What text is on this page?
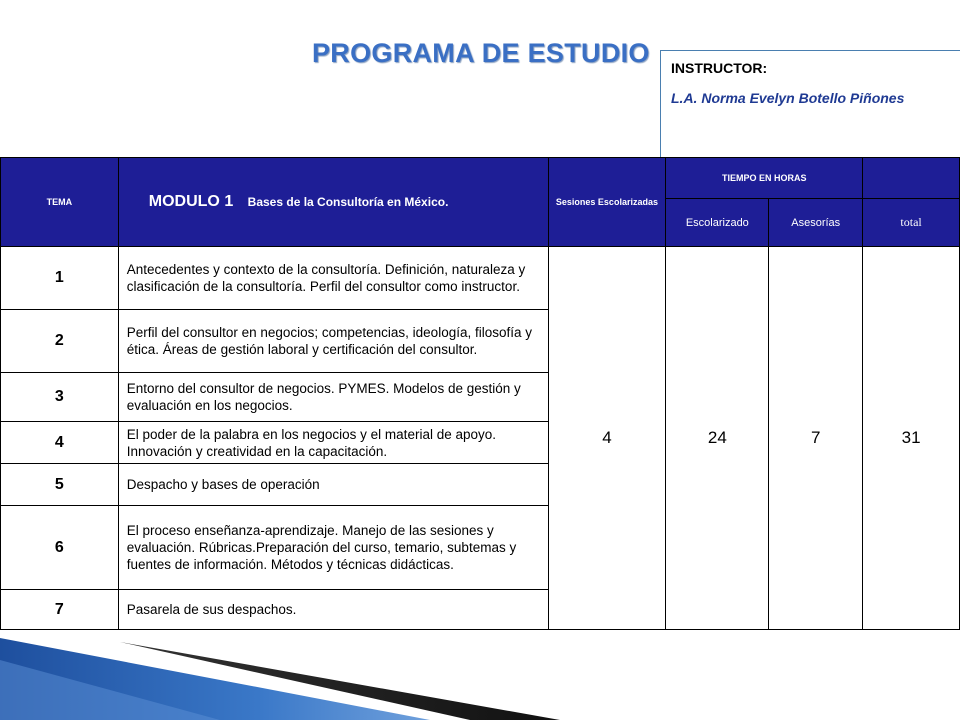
PROGRAMA DE ESTUDIO INSTRUCTOR:
L.A. Norma Evelyn Botello Piñones
TEMA	MODULO 1 Bases de la Consultoría en México.	Sesiones Escolarizadas	TIEMPO EN HORAS		
			Escolarizado	Asesorías	total
1	Antecedentes y contexto de la consultoría. Definición, naturaleza y clasificación de la consultoría. Perfil del consultor como instructor.	4	24	7	31
2	Perfil del consultor en negocios; competencias, ideología, filosofía y ética. Áreas de gestión laboral y certificación del consultor.				
3	Entorno del consultor de negocios. PYMES. Modelos de gestión y evaluación en los negocios.				
4	El poder de la palabra en los negocios y el material de apoyo. Innovación y creatividad en la capacitación.				
5	Despacho y bases de operación				
6	El proceso enseñanza-aprendizaje. Manejo de las sesiones y evaluación. Rúbricas.Preparación del curso, temario, subtemas y fuentes de información. Métodos y técnicas didácticas.				
7	Pasarela de sus despachos.				
